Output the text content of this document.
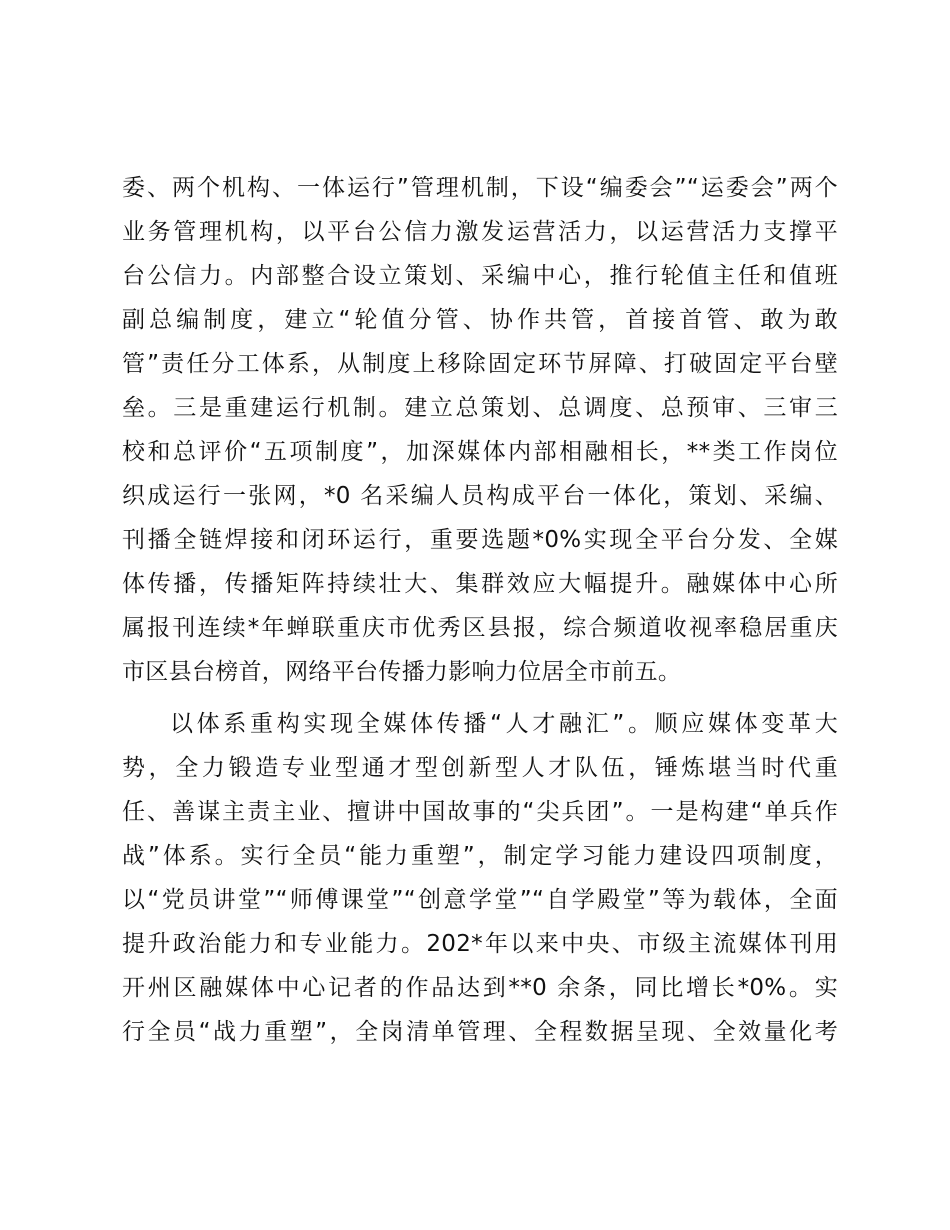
委、两个机构、一体运行”管理机制，下设“编委会”“运委会”两个
业务管理机构，以平台公信力激发运营活力，以运营活力支撑平
台公信力。内部整合设立策划、采编中心，推行轮值主任和值班
副总编制度，建立“轮值分管、协作共管，首接首管、敢为敢
管”责任分工体系，从制度上移除固定环节屏障、打破固定平台壁
垒。三是重建运行机制。建立总策划、总调度、总预审、三审三
校和总评价“五项制度”，加深媒体内部相融相长，**类工作岗位
织成运行一张网，*0 名采编人员构成平台一体化，策划、采编、
刊播全链焊接和闭环运行，重要选题*0%实现全平台分发、全媒
体传播，传播矩阵持续壮大、集群效应大幅提升。融媒体中心所
属报刊连续*年蝉联重庆市优秀区县报，综合频道收视率稳居重庆
市区县台榜首，网络平台传播力影响力位居全市前五。
以体系重构实现全媒体传播“人才融汇”。顺应媒体变革大
势，全力锻造专业型通才型创新型人才队伍，锤炼堪当时代重
任、善谋主责主业、擅讲中国故事的“尖兵团”。一是构建“单兵作
战”体系。实行全员“能力重塑”，制定学习能力建设四项制度，
以“党员讲堂”“师傅课堂”“创意学堂”“自学殿堂”等为载体，全面
提升政治能力和专业能力。202*年以来中央、市级主流媒体刊用
开州区融媒体中心记者的作品达到**0 余条，同比增长*0%。实
行全员“战力重塑”，全岗清单管理、全程数据呈现、全效量化考
